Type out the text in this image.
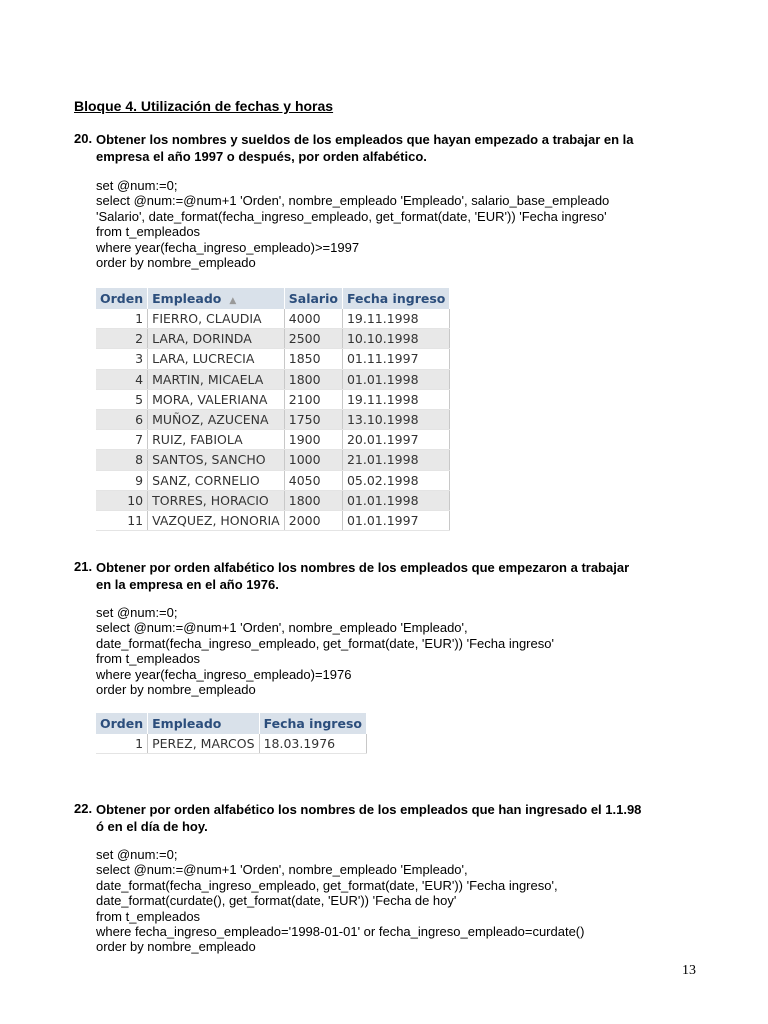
Bloque 4. Utilización de fechas y horas
20. Obtener los nombres y sueldos de los empleados que hayan empezado a trabajar en la
empresa el año 1997 o después, por orden alfabético.
set @num:=0;
select @num:=@num+1 'Orden', nombre_empleado 'Empleado', salario_base_empleado
'Salario', date_format(fecha_ingreso_empleado, get_format(date, 'EUR')) 'Fecha ingreso'
from t_empleados
where year(fecha_ingreso_empleado)>=1997
order by nombre_empleado
Orden	Empleado ▲	Salario	Fecha ingreso
1	FIERRO, CLAUDIA	4000	19.11.1998
2	LARA, DORINDA	2500	10.10.1998
3	LARA, LUCRECIA	1850	01.11.1997
4	MARTIN, MICAELA	1800	01.01.1998
5	MORA, VALERIANA	2100	19.11.1998
6	MUÑOZ, AZUCENA	1750	13.10.1998
7	RUIZ, FABIOLA	1900	20.01.1997
8	SANTOS, SANCHO	1000	21.01.1998
9	SANZ, CORNELIO	4050	05.02.1998
10	TORRES, HORACIO	1800	01.01.1998
11	VAZQUEZ, HONORIA	2000	01.01.1997
21. Obtener por orden alfabético los nombres de los empleados que empezaron a trabajar
en la empresa en el año 1976.
set @num:=0;
select @num:=@num+1 'Orden', nombre_empleado 'Empleado',
date_format(fecha_ingreso_empleado, get_format(date, 'EUR')) 'Fecha ingreso'
from t_empleados
where year(fecha_ingreso_empleado)=1976
order by nombre_empleado
Orden	Empleado	Fecha ingreso
1	PEREZ, MARCOS	18.03.1976
22. Obtener por orden alfabético los nombres de los empleados que han ingresado el 1.1.98
ó en el día de hoy.
set @num:=0;
select @num:=@num+1 'Orden', nombre_empleado 'Empleado',
date_format(fecha_ingreso_empleado, get_format(date, 'EUR')) 'Fecha ingreso',
date_format(curdate(), get_format(date, 'EUR')) 'Fecha de hoy'
from t_empleados
where fecha_ingreso_empleado='1998-01-01' or fecha_ingreso_empleado=curdate()
order by nombre_empleado
13
